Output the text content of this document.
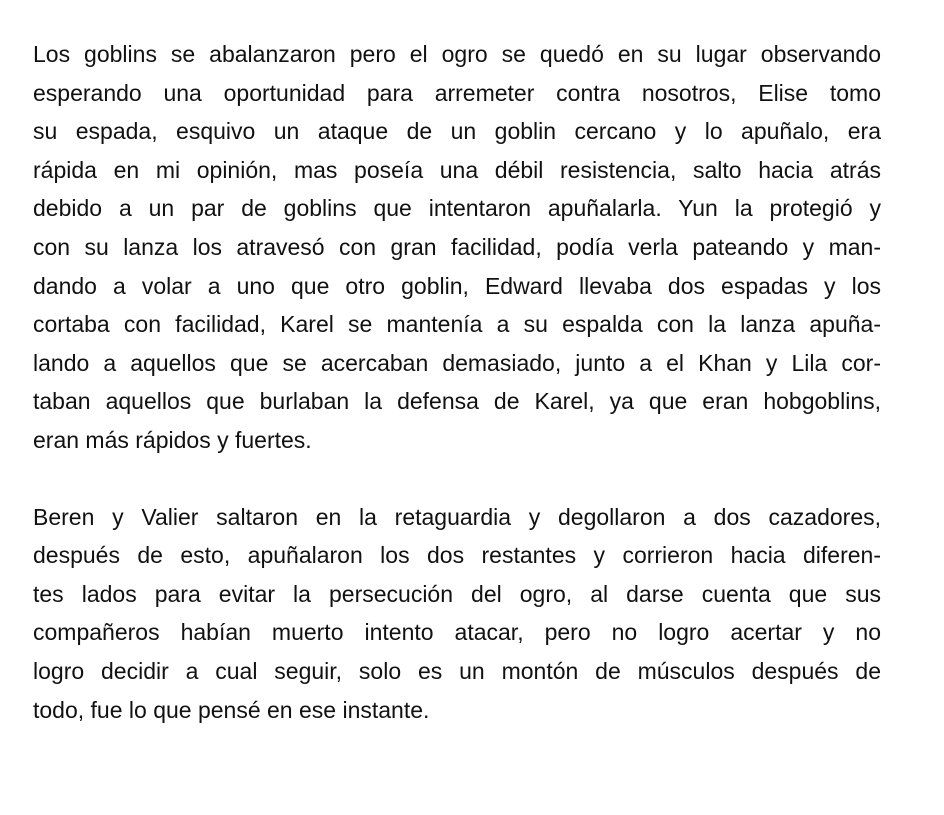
Los goblins se abalanzaron pero el ogro se quedó en su lugar observando
esperando una oportunidad para arremeter contra nosotros, Elise tomo
su espada, esquivo un ataque de un goblin cercano y lo apuñalo, era
rápida en mi opinión, mas poseía una débil resistencia, salto hacia atrás
debido a un par de goblins que intentaron apuñalarla. Yun la protegió y
con su lanza los atravesó con gran facilidad, podía verla pateando y man-
dando a volar a uno que otro goblin, Edward llevaba dos espadas y los
cortaba con facilidad, Karel se mantenía a su espalda con la lanza apuña-
lando a aquellos que se acercaban demasiado, junto a el Khan y Lila cor-
taban aquellos que burlaban la defensa de Karel, ya que eran hobgoblins,
eran más rápidos y fuertes.

Beren y Valier saltaron en la retaguardia y degollaron a dos cazadores,
después de esto, apuñalaron los dos restantes y corrieron hacia diferen-
tes lados para evitar la persecución del ogro, al darse cuenta que sus
compañeros habían muerto intento atacar, pero no logro acertar y no
logro decidir a cual seguir, solo es un montón de músculos después de
todo, fue lo que pensé en ese instante.
